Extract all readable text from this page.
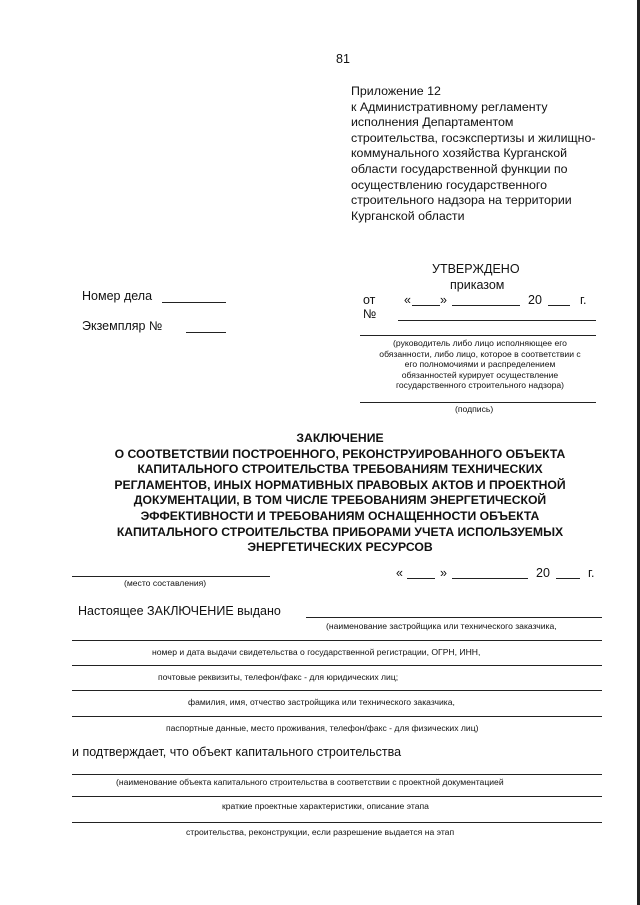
81
Приложение 12
к Административному регламенту
исполнения Департаментом
строительства, госэкспертизы и жилищно-
коммунального хозяйства Курганской
области государственной функции по
осуществлению государственного
строительного надзора на территории
Курганской области
УТВЕРЖДЕНО
приказом
от « »	20	г.
№
(руководитель либо лицо исполняющее его
обязанности, либо лицо, которое в соответствии с
его полномочиями и распределением
обязанностей курирует осуществление
государственного строительного надзора)
(подпись)
Номер дела
Экземпляр №
ЗАКЛЮЧЕНИЕ
О СООТВЕТСТВИИ ПОСТРОЕННОГО, РЕКОНСТРУИРОВАННОГО ОБЪЕКТА
КАПИТАЛЬНОГО СТРОИТЕЛЬСТВА ТРЕБОВАНИЯМ ТЕХНИЧЕСКИХ
РЕГЛАМЕНТОВ, ИНЫХ НОРМАТИВНЫХ ПРАВОВЫХ АКТОВ И ПРОЕКТНОЙ
ДОКУМЕНТАЦИИ, В ТОМ ЧИСЛЕ ТРЕБОВАНИЯМ ЭНЕРГЕТИЧЕСКОЙ
ЭФФЕКТИВНОСТИ И ТРЕБОВАНИЯМ ОСНАЩЕННОСТИ ОБЪЕКТА
КАПИТАЛЬНОГО СТРОИТЕЛЬСТВА ПРИБОРАМИ УЧЕТА ИСПОЛЬЗУЕМЫХ
ЭНЕРГЕТИЧЕСКИХ РЕСУРСОВ
(место составления)
«	»	20	г.
Настоящее ЗАКЛЮЧЕНИЕ выдано
(наименование застройщика или технического заказчика,
номер и дата выдачи свидетельства о государственной регистрации, ОГРН, ИНН,
почтовые реквизиты, телефон/факс - для юридических лиц;
фамилия, имя, отчество застройщика или технического заказчика,
паспортные данные, место проживания, телефон/факс - для физических лиц)
и подтверждает, что объект капитального строительства
(наименование объекта капитального строительства в соответствии с проектной документацией
краткие проектные характеристики, описание этапа
строительства, реконструкции, если разрешение выдается на этап
